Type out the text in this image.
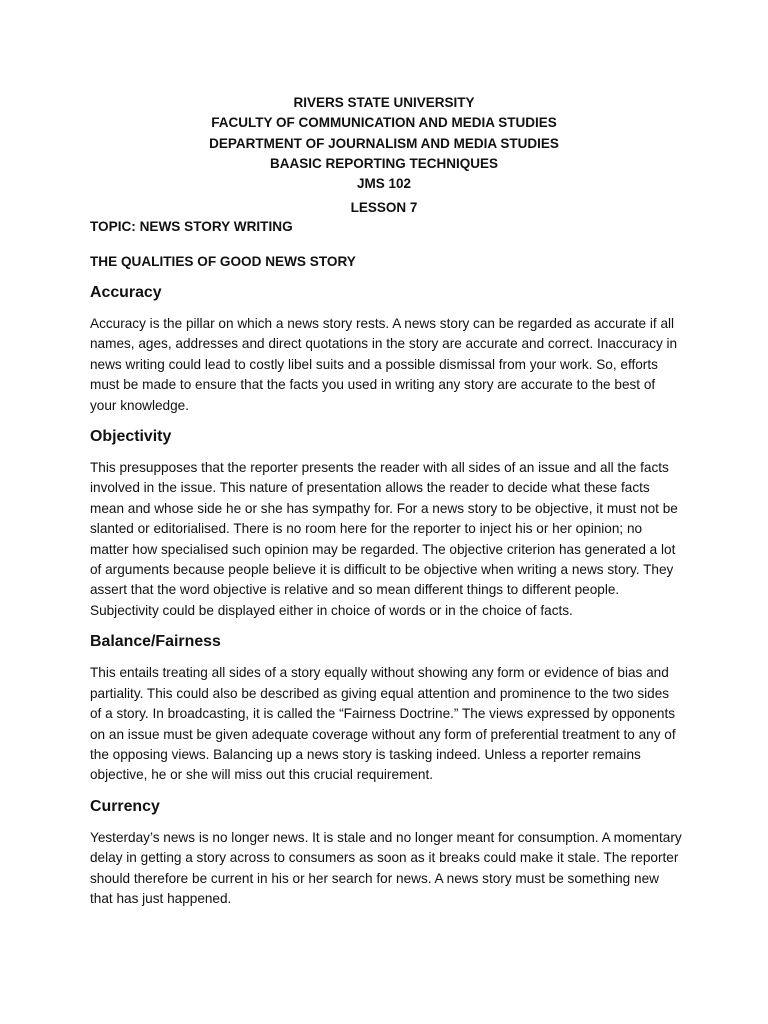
RIVERS STATE UNIVERSITY
FACULTY OF COMMUNICATION AND MEDIA STUDIES
DEPARTMENT OF JOURNALISM AND MEDIA STUDIES
BAASIC REPORTING TECHNIQUES
JMS 102
LESSON 7

TOPIC: NEWS STORY WRITING

THE QUALITIES OF GOOD NEWS STORY

Accuracy

Accuracy is the pillar on which a news story rests. A news story can be regarded as accurate if all names, ages, addresses and direct quotations in the story are accurate and correct. Inaccuracy in news writing could lead to costly libel suits and a possible dismissal from your work. So, efforts must be made to ensure that the facts you used in writing any story are accurate to the best of your knowledge.

Objectivity

This presupposes that the reporter presents the reader with all sides of an issue and all the facts involved in the issue. This nature of presentation allows the reader to decide what these facts mean and whose side he or she has sympathy for. For a news story to be objective, it must not be slanted or editorialised. There is no room here for the reporter to inject his or her opinion; no matter how specialised such opinion may be regarded. The objective criterion has generated a lot of arguments because people believe it is difficult to be objective when writing a news story. They assert that the word objective is relative and so mean different things to different people. Subjectivity could be displayed either in choice of words or in the choice of facts.

Balance/Fairness

This entails treating all sides of a story equally without showing any form or evidence of bias and partiality. This could also be described as giving equal attention and prominence to the two sides of a story. In broadcasting, it is called the “Fairness Doctrine.” The views expressed by opponents on an issue must be given adequate coverage without any form of preferential treatment to any of the opposing views. Balancing up a news story is tasking indeed. Unless a reporter remains objective, he or she will miss out this crucial requirement.

Currency

Yesterday’s news is no longer news. It is stale and no longer meant for consumption. A momentary delay in getting a story across to consumers as soon as it breaks could make it stale. The reporter should therefore be current in his or her search for news. A news story must be something new that has just happened.
